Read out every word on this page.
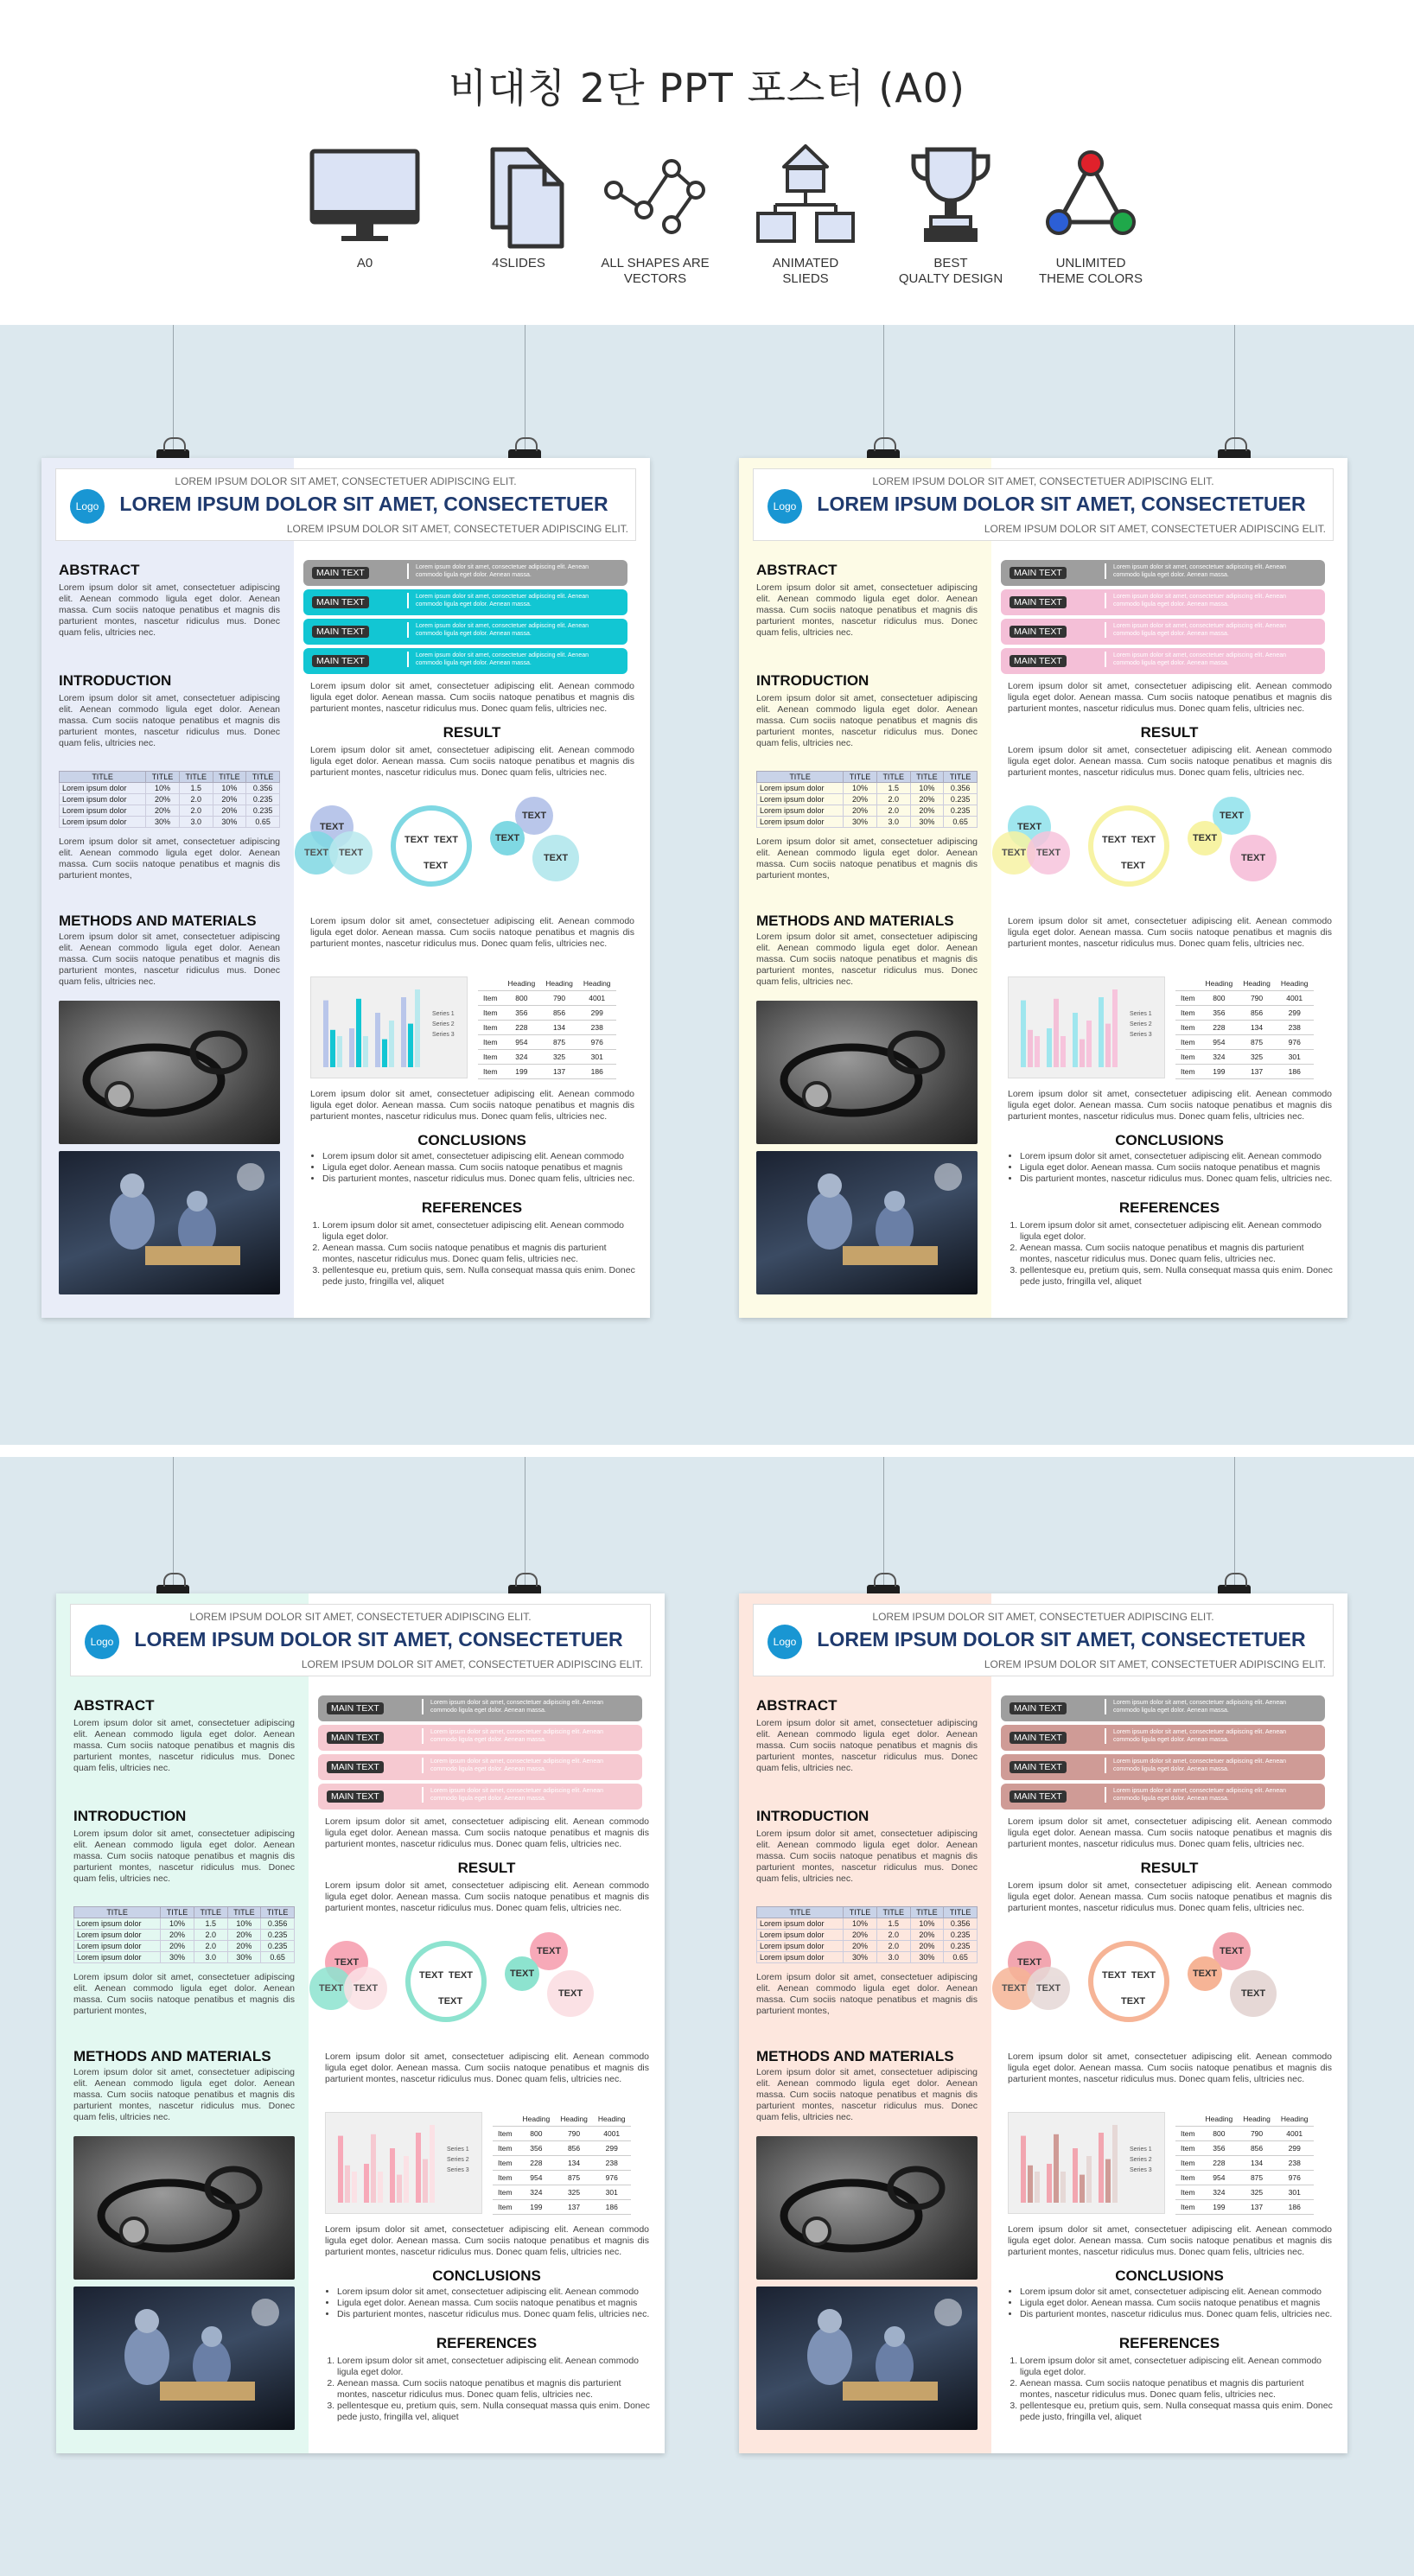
비대칭 2단 PPT 포스터 (A0)
A0	4SLIDES	ALL SHAPES ARE
VECTORS
ANIMATED
SLIEDS
BEST
QUALTY DESIGN
UNLIMITED
THEME COLORS
Logo
LOREM IPSUM DOLOR SIT AMET, CONSECTETUER ADIPISCING ELIT.
LOREM IPSUM DOLOR SIT AMET, CONSECTETUER
LOREM IPSUM DOLOR SIT AMET, CONSECTETUER ADIPISCING ELIT.
ABSTRACT
Lorem ipsum dolor sit amet, consectetuer adipiscing elit. Aenean commodo ligula eget dolor. Aenean massa. Cum sociis natoque penatibus et magnis dis parturient montes, nascetur ridiculus mus. Donec quam felis, ultricies nec.
INTRODUCTION
Lorem ipsum dolor sit amet, consectetuer adipiscing elit. Aenean commodo ligula eget dolor. Aenean massa. Cum sociis natoque penatibus et magnis dis parturient montes, nascetur ridiculus mus. Donec quam felis, ultricies nec.
TITLE	TITLE	TITLE	TITLE	TITLE
Lorem ipsum dolor	10%	1.5	10%	0.356
Lorem ipsum dolor	20%	2.0	20%	0.235
Lorem ipsum dolor	20%	2.0	20%	0.235
Lorem ipsum dolor	30%	3.0	30%	0.65
Lorem ipsum dolor sit amet, consectetuer adipiscing elit. Aenean commodo ligula eget dolor. Aenean massa. Cum sociis natoque penatibus et magnis dis parturient montes,
METHODS AND MATERIALS
Lorem ipsum dolor sit amet, consectetuer adipiscing elit. Aenean commodo ligula eget dolor. Aenean massa. Cum sociis natoque penatibus et magnis dis parturient montes, nascetur ridiculus mus. Donec quam felis, ultricies nec.
MAIN TEXT
Lorem ipsum dolor sit amet, consectetuer adipiscing elit. Aenean commodo ligula eget dolor. Aenean massa.
MAIN TEXT
Lorem ipsum dolor sit amet, consectetuer adipiscing elit. Aenean commodo ligula eget dolor. Aenean massa.
MAIN TEXT
Lorem ipsum dolor sit amet, consectetuer adipiscing elit. Aenean commodo ligula eget dolor. Aenean massa.
MAIN TEXT
Lorem ipsum dolor sit amet, consectetuer adipiscing elit. Aenean commodo ligula eget dolor. Aenean massa.
Lorem ipsum dolor sit amet, consectetuer adipiscing elit. Aenean commodo ligula eget dolor. Aenean massa. Cum sociis natoque penatibus et magnis dis parturient montes, nascetur ridiculus mus. Donec quam felis, ultricies nec.
RESULT
Lorem ipsum dolor sit amet, consectetuer adipiscing elit. Aenean commodo ligula eget dolor. Aenean massa. Cum sociis natoque penatibus et magnis dis parturient montes, nascetur ridiculus mus. Donec quam felis, ultricies nec.
TEXT
TEXT TEXT
TEXT TEXT
TEXT
TEXT
TEXT
TEXT
Lorem ipsum dolor sit amet, consectetuer adipiscing elit. Aenean commodo ligula eget dolor. Aenean massa. Cum sociis natoque penatibus et magnis dis parturient montes, nascetur ridiculus mus. Donec quam felis, ultricies nec.
Series 1
Series 2
Series 3
	Heading	Heading	Heading
Item	800	790	4001
Item	356	856	299
Item	228	134	238
Item	954	875	976
Item	324	325	301
Item	199	137	186
Lorem ipsum dolor sit amet, consectetuer adipiscing elit. Aenean commodo ligula eget dolor. Aenean massa. Cum sociis natoque penatibus et magnis dis parturient montes, nascetur ridiculus mus. Donec quam felis, ultricies nec.
CONCLUSIONS
• Lorem ipsum dolor sit amet, consectetuer adipiscing elit. Aenean commodo
• Ligula eget dolor. Aenean massa. Cum sociis natoque penatibus et magnis
• Dis parturient montes, nascetur ridiculus mus. Donec quam felis, ultricies nec.
REFERENCES
1. Lorem ipsum dolor sit amet, consectetuer adipiscing elit. Aenean commodo ligula eget dolor.
2. Aenean massa. Cum sociis natoque penatibus et magnis dis parturient montes, nascetur ridiculus mus. Donec quam felis, ultricies nec.
3. pellentesque eu, pretium quis, sem. Nulla consequat massa quis enim. Donec pede justo, fringilla vel, aliquet
Logo
LOREM IPSUM DOLOR SIT AMET, CONSECTETUER ADIPISCING ELIT.
LOREM IPSUM DOLOR SIT AMET, CONSECTETUER
LOREM IPSUM DOLOR SIT AMET, CONSECTETUER ADIPISCING ELIT.
ABSTRACT
Lorem ipsum dolor sit amet, consectetuer adipiscing elit. Aenean commodo ligula eget dolor. Aenean massa. Cum sociis natoque penatibus et magnis dis parturient montes, nascetur ridiculus mus. Donec quam felis, ultricies nec.
INTRODUCTION
Lorem ipsum dolor sit amet, consectetuer adipiscing elit. Aenean commodo ligula eget dolor. Aenean massa. Cum sociis natoque penatibus et magnis dis parturient montes, nascetur ridiculus mus. Donec quam felis, ultricies nec.
TITLE	TITLE	TITLE	TITLE	TITLE
Lorem ipsum dolor	10%	1.5	10%	0.356
Lorem ipsum dolor	20%	2.0	20%	0.235
Lorem ipsum dolor	20%	2.0	20%	0.235
Lorem ipsum dolor	30%	3.0	30%	0.65
Lorem ipsum dolor sit amet, consectetuer adipiscing elit. Aenean commodo ligula eget dolor. Aenean massa. Cum sociis natoque penatibus et magnis dis parturient montes,
METHODS AND MATERIALS
Lorem ipsum dolor sit amet, consectetuer adipiscing elit. Aenean commodo ligula eget dolor. Aenean massa. Cum sociis natoque penatibus et magnis dis parturient montes, nascetur ridiculus mus. Donec quam felis, ultricies nec.
MAIN TEXT
Lorem ipsum dolor sit amet, consectetuer adipiscing elit. Aenean commodo ligula eget dolor. Aenean massa.
MAIN TEXT
Lorem ipsum dolor sit amet, consectetuer adipiscing elit. Aenean commodo ligula eget dolor. Aenean massa.
MAIN TEXT
Lorem ipsum dolor sit amet, consectetuer adipiscing elit. Aenean commodo ligula eget dolor. Aenean massa.
MAIN TEXT
Lorem ipsum dolor sit amet, consectetuer adipiscing elit. Aenean commodo ligula eget dolor. Aenean massa.
Lorem ipsum dolor sit amet, consectetuer adipiscing elit. Aenean commodo ligula eget dolor. Aenean massa. Cum sociis natoque penatibus et magnis dis parturient montes, nascetur ridiculus mus. Donec quam felis, ultricies nec.
RESULT
Lorem ipsum dolor sit amet, consectetuer adipiscing elit. Aenean commodo ligula eget dolor. Aenean massa. Cum sociis natoque penatibus et magnis dis parturient montes, nascetur ridiculus mus. Donec quam felis, ultricies nec.
TEXT
TEXT TEXT
TEXT TEXT
TEXT
TEXT
TEXT
TEXT
Lorem ipsum dolor sit amet, consectetuer adipiscing elit. Aenean commodo ligula eget dolor. Aenean massa. Cum sociis natoque penatibus et magnis dis parturient montes, nascetur ridiculus mus. Donec quam felis, ultricies nec.
Series 1
Series 2
Series 3
	Heading	Heading	Heading
Item	800	790	4001
Item	356	856	299
Item	228	134	238
Item	954	875	976
Item	324	325	301
Item	199	137	186
Lorem ipsum dolor sit amet, consectetuer adipiscing elit. Aenean commodo ligula eget dolor. Aenean massa. Cum sociis natoque penatibus et magnis dis parturient montes, nascetur ridiculus mus. Donec quam felis, ultricies nec.
CONCLUSIONS
• Lorem ipsum dolor sit amet, consectetuer adipiscing elit. Aenean commodo
• Ligula eget dolor. Aenean massa. Cum sociis natoque penatibus et magnis
• Dis parturient montes, nascetur ridiculus mus. Donec quam felis, ultricies nec.
REFERENCES
1. Lorem ipsum dolor sit amet, consectetuer adipiscing elit. Aenean commodo ligula eget dolor.
2. Aenean massa. Cum sociis natoque penatibus et magnis dis parturient montes, nascetur ridiculus mus. Donec quam felis, ultricies nec.
3. pellentesque eu, pretium quis, sem. Nulla consequat massa quis enim. Donec pede justo, fringilla vel, aliquet
Logo
LOREM IPSUM DOLOR SIT AMET, CONSECTETUER ADIPISCING ELIT.
LOREM IPSUM DOLOR SIT AMET, CONSECTETUER
LOREM IPSUM DOLOR SIT AMET, CONSECTETUER ADIPISCING ELIT.
ABSTRACT
Lorem ipsum dolor sit amet, consectetuer adipiscing elit. Aenean commodo ligula eget dolor. Aenean massa. Cum sociis natoque penatibus et magnis dis parturient montes, nascetur ridiculus mus. Donec quam felis, ultricies nec.
INTRODUCTION
Lorem ipsum dolor sit amet, consectetuer adipiscing elit. Aenean commodo ligula eget dolor. Aenean massa. Cum sociis natoque penatibus et magnis dis parturient montes, nascetur ridiculus mus. Donec quam felis, ultricies nec.
TITLE	TITLE	TITLE	TITLE	TITLE
Lorem ipsum dolor	10%	1.5	10%	0.356
Lorem ipsum dolor	20%	2.0	20%	0.235
Lorem ipsum dolor	20%	2.0	20%	0.235
Lorem ipsum dolor	30%	3.0	30%	0.65
Lorem ipsum dolor sit amet, consectetuer adipiscing elit. Aenean commodo ligula eget dolor. Aenean massa. Cum sociis natoque penatibus et magnis dis parturient montes,
METHODS AND MATERIALS
Lorem ipsum dolor sit amet, consectetuer adipiscing elit. Aenean commodo ligula eget dolor. Aenean massa. Cum sociis natoque penatibus et magnis dis parturient montes, nascetur ridiculus mus. Donec quam felis, ultricies nec.
MAIN TEXT
Lorem ipsum dolor sit amet, consectetuer adipiscing elit. Aenean commodo ligula eget dolor. Aenean massa.
MAIN TEXT
Lorem ipsum dolor sit amet, consectetuer adipiscing elit. Aenean commodo ligula eget dolor. Aenean massa.
MAIN TEXT
Lorem ipsum dolor sit amet, consectetuer adipiscing elit. Aenean commodo ligula eget dolor. Aenean massa.
MAIN TEXT
Lorem ipsum dolor sit amet, consectetuer adipiscing elit. Aenean commodo ligula eget dolor. Aenean massa.
Lorem ipsum dolor sit amet, consectetuer adipiscing elit. Aenean commodo ligula eget dolor. Aenean massa. Cum sociis natoque penatibus et magnis dis parturient montes, nascetur ridiculus mus. Donec quam felis, ultricies nec.
RESULT
Lorem ipsum dolor sit amet, consectetuer adipiscing elit. Aenean commodo ligula eget dolor. Aenean massa. Cum sociis natoque penatibus et magnis dis parturient montes, nascetur ridiculus mus. Donec quam felis, ultricies nec.
TEXT
TEXT TEXT
TEXT TEXT
TEXT
TEXT
TEXT
TEXT
Lorem ipsum dolor sit amet, consectetuer adipiscing elit. Aenean commodo ligula eget dolor. Aenean massa. Cum sociis natoque penatibus et magnis dis parturient montes, nascetur ridiculus mus. Donec quam felis, ultricies nec.
Series 1
Series 2
Series 3
	Heading	Heading	Heading
Item	800	790	4001
Item	356	856	299
Item	228	134	238
Item	954	875	976
Item	324	325	301
Item	199	137	186
Lorem ipsum dolor sit amet, consectetuer adipiscing elit. Aenean commodo ligula eget dolor. Aenean massa. Cum sociis natoque penatibus et magnis dis parturient montes, nascetur ridiculus mus. Donec quam felis, ultricies nec.
CONCLUSIONS
• Lorem ipsum dolor sit amet, consectetuer adipiscing elit. Aenean commodo
• Ligula eget dolor. Aenean massa. Cum sociis natoque penatibus et magnis
• Dis parturient montes, nascetur ridiculus mus. Donec quam felis, ultricies nec.
REFERENCES
1. Lorem ipsum dolor sit amet, consectetuer adipiscing elit. Aenean commodo ligula eget dolor.
2. Aenean massa. Cum sociis natoque penatibus et magnis dis parturient montes, nascetur ridiculus mus. Donec quam felis, ultricies nec.
3. pellentesque eu, pretium quis, sem. Nulla consequat massa quis enim. Donec pede justo, fringilla vel, aliquet
Logo
LOREM IPSUM DOLOR SIT AMET, CONSECTETUER ADIPISCING ELIT.
LOREM IPSUM DOLOR SIT AMET, CONSECTETUER
LOREM IPSUM DOLOR SIT AMET, CONSECTETUER ADIPISCING ELIT.
ABSTRACT
Lorem ipsum dolor sit amet, consectetuer adipiscing elit. Aenean commodo ligula eget dolor. Aenean massa. Cum sociis natoque penatibus et magnis dis parturient montes, nascetur ridiculus mus. Donec quam felis, ultricies nec.
INTRODUCTION
Lorem ipsum dolor sit amet, consectetuer adipiscing elit. Aenean commodo ligula eget dolor. Aenean massa. Cum sociis natoque penatibus et magnis dis parturient montes, nascetur ridiculus mus. Donec quam felis, ultricies nec.
TITLE	TITLE	TITLE	TITLE	TITLE
Lorem ipsum dolor	10%	1.5	10%	0.356
Lorem ipsum dolor	20%	2.0	20%	0.235
Lorem ipsum dolor	20%	2.0	20%	0.235
Lorem ipsum dolor	30%	3.0	30%	0.65
Lorem ipsum dolor sit amet, consectetuer adipiscing elit. Aenean commodo ligula eget dolor. Aenean massa. Cum sociis natoque penatibus et magnis dis parturient montes,
METHODS AND MATERIALS
Lorem ipsum dolor sit amet, consectetuer adipiscing elit. Aenean commodo ligula eget dolor. Aenean massa. Cum sociis natoque penatibus et magnis dis parturient montes, nascetur ridiculus mus. Donec quam felis, ultricies nec.
MAIN TEXT
Lorem ipsum dolor sit amet, consectetuer adipiscing elit. Aenean commodo ligula eget dolor. Aenean massa.
MAIN TEXT
Lorem ipsum dolor sit amet, consectetuer adipiscing elit. Aenean commodo ligula eget dolor. Aenean massa.
MAIN TEXT
Lorem ipsum dolor sit amet, consectetuer adipiscing elit. Aenean commodo ligula eget dolor. Aenean massa.
MAIN TEXT
Lorem ipsum dolor sit amet, consectetuer adipiscing elit. Aenean commodo ligula eget dolor. Aenean massa.
Lorem ipsum dolor sit amet, consectetuer adipiscing elit. Aenean commodo ligula eget dolor. Aenean massa. Cum sociis natoque penatibus et magnis dis parturient montes, nascetur ridiculus mus. Donec quam felis, ultricies nec.
RESULT
Lorem ipsum dolor sit amet, consectetuer adipiscing elit. Aenean commodo ligula eget dolor. Aenean massa. Cum sociis natoque penatibus et magnis dis parturient montes, nascetur ridiculus mus. Donec quam felis, ultricies nec.
TEXT
TEXT TEXT
TEXT TEXT
TEXT
TEXT
TEXT
TEXT
Lorem ipsum dolor sit amet, consectetuer adipiscing elit. Aenean commodo ligula eget dolor. Aenean massa. Cum sociis natoque penatibus et magnis dis parturient montes, nascetur ridiculus mus. Donec quam felis, ultricies nec.
Series 1
Series 2
Series 3
	Heading	Heading	Heading
Item	800	790	4001
Item	356	856	299
Item	228	134	238
Item	954	875	976
Item	324	325	301
Item	199	137	186
Lorem ipsum dolor sit amet, consectetuer adipiscing elit. Aenean commodo ligula eget dolor. Aenean massa. Cum sociis natoque penatibus et magnis dis parturient montes, nascetur ridiculus mus. Donec quam felis, ultricies nec.
CONCLUSIONS
• Lorem ipsum dolor sit amet, consectetuer adipiscing elit. Aenean commodo
• Ligula eget dolor. Aenean massa. Cum sociis natoque penatibus et magnis
• Dis parturient montes, nascetur ridiculus mus. Donec quam felis, ultricies nec.
REFERENCES
1. Lorem ipsum dolor sit amet, consectetuer adipiscing elit. Aenean commodo ligula eget dolor.
2. Aenean massa. Cum sociis natoque penatibus et magnis dis parturient montes, nascetur ridiculus mus. Donec quam felis, ultricies nec.
3. pellentesque eu, pretium quis, sem. Nulla consequat massa quis enim. Donec pede justo, fringilla vel, aliquet
